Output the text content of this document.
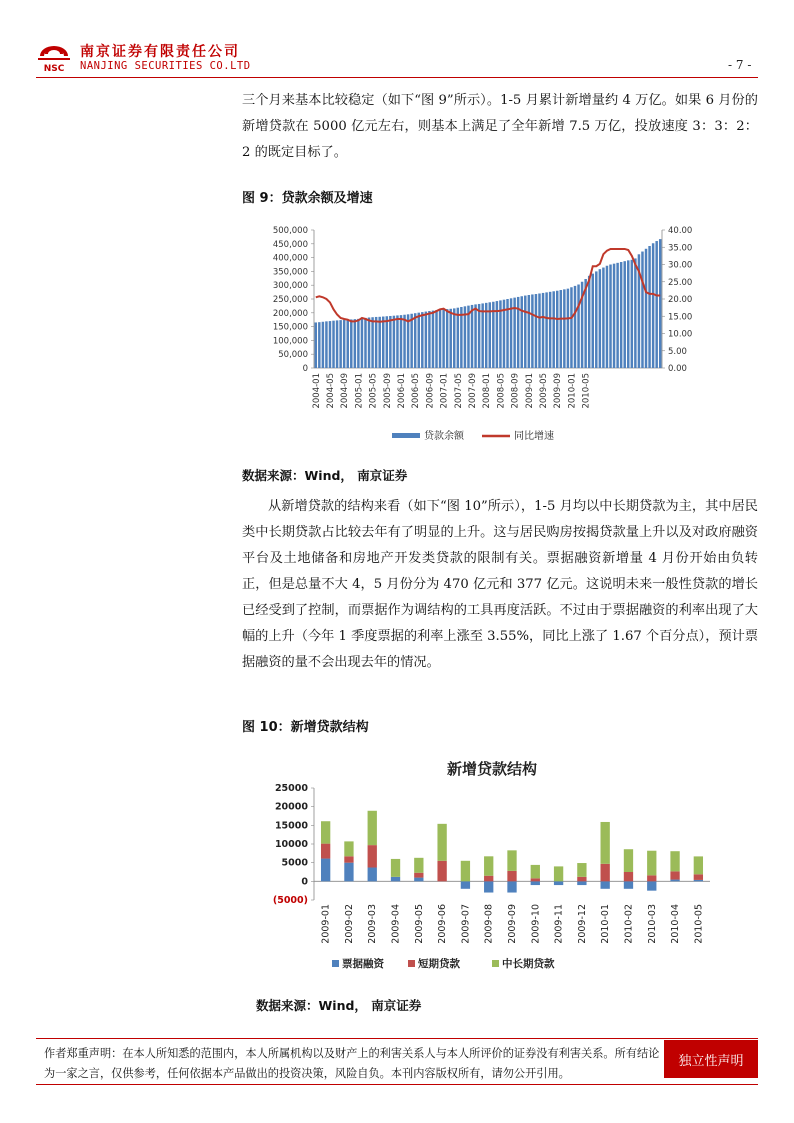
NSC
南京证券有限责任公司
NANJING SECURITIES CO.LTD	- 7 -
三个月来基本比较稳定（如下“图 9”所示）。1-5 月累计新增量约 4 万亿。如果 6 月份的新增贷款在 5000 亿元左右，则基本上满足了全年新增 7.5 万亿，投放速度 3：3：2：2 的既定目标了。
图 9：贷款余额及增速
500,000
450,000
400,000
350,000
300,000
250,000
200,000
150,000
100,000
50,000
0
40.00
35.00
30.00
25.00
20.00
15.00
10.00
5.00
0.00
2004-01 2004-05 2004-09 2005-01 2005-05 2005-09 2006-01 2006-05 2006-09 2007-01 2007-05 2007-09 2008-01 2008-05 2008-09 2009-01 2009-05 2009-09 2010-01 2010-05
贷款余额	同比增速
数据来源：Wind， 南京证券
从新增贷款的结构来看（如下“图 10”所示），1-5 月均以中长期贷款为主，其中居民类中长期贷款占比较去年有了明显的上升。这与居民购房按揭贷款量上升以及对政府融资平台及土地储备和房地产开发类贷款的限制有关。票据融资新增量 4 月份开始由负转正，但是总量不大 4，5 月份分为 470 亿元和 377 亿元。这说明未来一般性贷款的增长已经受到了控制，而票据作为调结构的工具再度活跃。不过由于票据融资的利率出现了大幅的上升（今年 1 季度票据的利率上涨至 3.55%，同比上涨了 1.67 个百分点），预计票据融资的量不会出现去年的情况。
图 10：新增贷款结构
新增贷款结构
25000
20000
15000
10000
5000
0
(5000)
2009-01 2009-02 2009-03 2009-04 2009-05 2009-06 2009-07 2009-08 2009-09 2009-10 2009-11 2009-12 2010-01 2010-02 2010-03 2010-04 2010-05
票据融资	短期贷款	中长期贷款
数据来源：Wind， 南京证券
作者郑重声明：在本人所知悉的范围内，本人所属机构以及财产上的利害关系人与本人所评价的证券没有利害关系。所有结论为一家之言，仅供参考，任何依据本产品做出的投资决策，风险自负。本刊内容版权所有，请勿公开引用。
独立性声明
